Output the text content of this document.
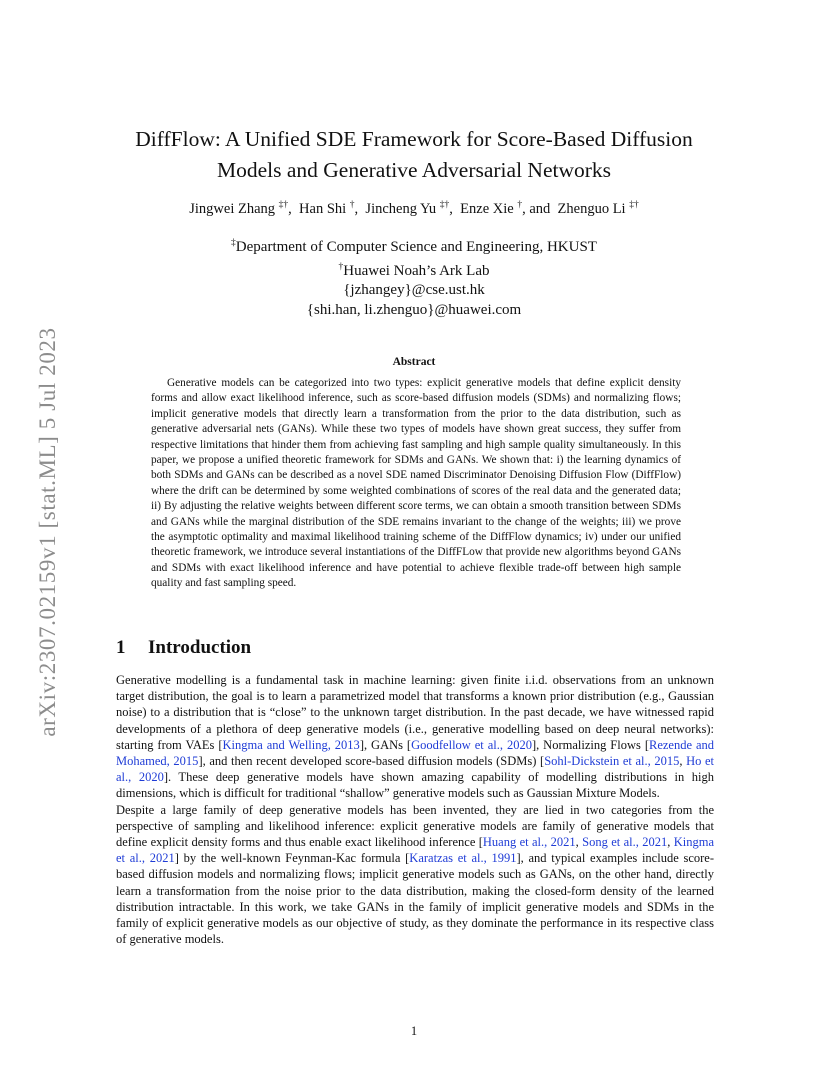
arXiv:2307.02159v1 [stat.ML] 5 Jul 2023
DiffFlow: A Unified SDE Framework for Score-Based Diffusion
Models and Generative Adversarial Networks
Jingwei Zhang ‡†,  Han Shi †,  Jincheng Yu ‡†,  Enze Xie †, and  Zhenguo Li ‡†
‡Department of Computer Science and Engineering, HKUST
†Huawei Noah’s Ark Lab
{jzhangey}@cse.ust.hk
{shi.han, li.zhenguo}@huawei.com
Abstract

Generative models can be categorized into two types: explicit generative models that define explicit density forms and allow exact likelihood inference, such as score-based diffusion models (SDMs) and normalizing flows; implicit generative models that directly learn a transformation from the prior to the data distribution, such as generative adversarial nets (GANs). While these two types of models have shown great success, they suffer from respective limitations that hinder them from achieving fast sampling and high sample quality simultaneously. In this paper, we propose a unified theoretic framework for SDMs and GANs. We shown that: i) the learning dynamics of both SDMs and GANs can be described as a novel SDE named Discriminator Denoising Diffusion Flow (DiffFlow) where the drift can be determined by some weighted combinations of scores of the real data and the generated data; ii) By adjusting the relative weights between different score terms, we can obtain a smooth transition between SDMs and GANs while the marginal distribution of the SDE remains invariant to the change of the weights; iii) we prove the asymptotic optimality and maximal likelihood training scheme of the DiffFlow dynamics; iv) under our unified theoretic framework, we introduce several instantiations of the DiffFLow that provide new algorithms beyond GANs and SDMs with exact likelihood inference and have potential to achieve flexible trade-off between high sample quality and fast sampling speed.

1 Introduction

Generative modelling is a fundamental task in machine learning: given finite i.i.d. observations from an unknown target distribution, the goal is to learn a parametrized model that transforms a known prior distribution (e.g., Gaussian noise) to a distribution that is “close” to the unknown target distribution. In the past decade, we have witnessed rapid developments of a plethora of deep generative models (i.e., generative modelling based on deep neural networks): starting from VAEs [Kingma and Welling, 2013], GANs [Goodfellow et al., 2020], Normalizing Flows [Rezende and Mohamed, 2015], and then recent developed score-based diffusion models (SDMs) [Sohl-Dickstein et al., 2015, Ho et al., 2020]. These deep generative models have shown amazing capability of modelling distributions in high dimensions, which is difficult for traditional “shallow” generative models such as Gaussian Mixture Models.

Despite a large family of deep generative models has been invented, they are lied in two categories from the perspective of sampling and likelihood inference: explicit generative models are family of generative models that define explicit density forms and thus enable exact likelihood inference [Huang et al., 2021, Song et al., 2021, Kingma et al., 2021] by the well-known Feynman-Kac formula [Karatzas et al., 1991], and typical examples include score-based diffusion models and normalizing flows; implicit generative models such as GANs, on the other hand, directly learn a transformation from the noise prior to the data distribution, making the closed-form density of the learned distribution intractable. In this work, we take GANs in the family of implicit generative models and SDMs in the family of explicit generative models as our objective of study, as they dominate the performance in its respective class of generative models.

1
